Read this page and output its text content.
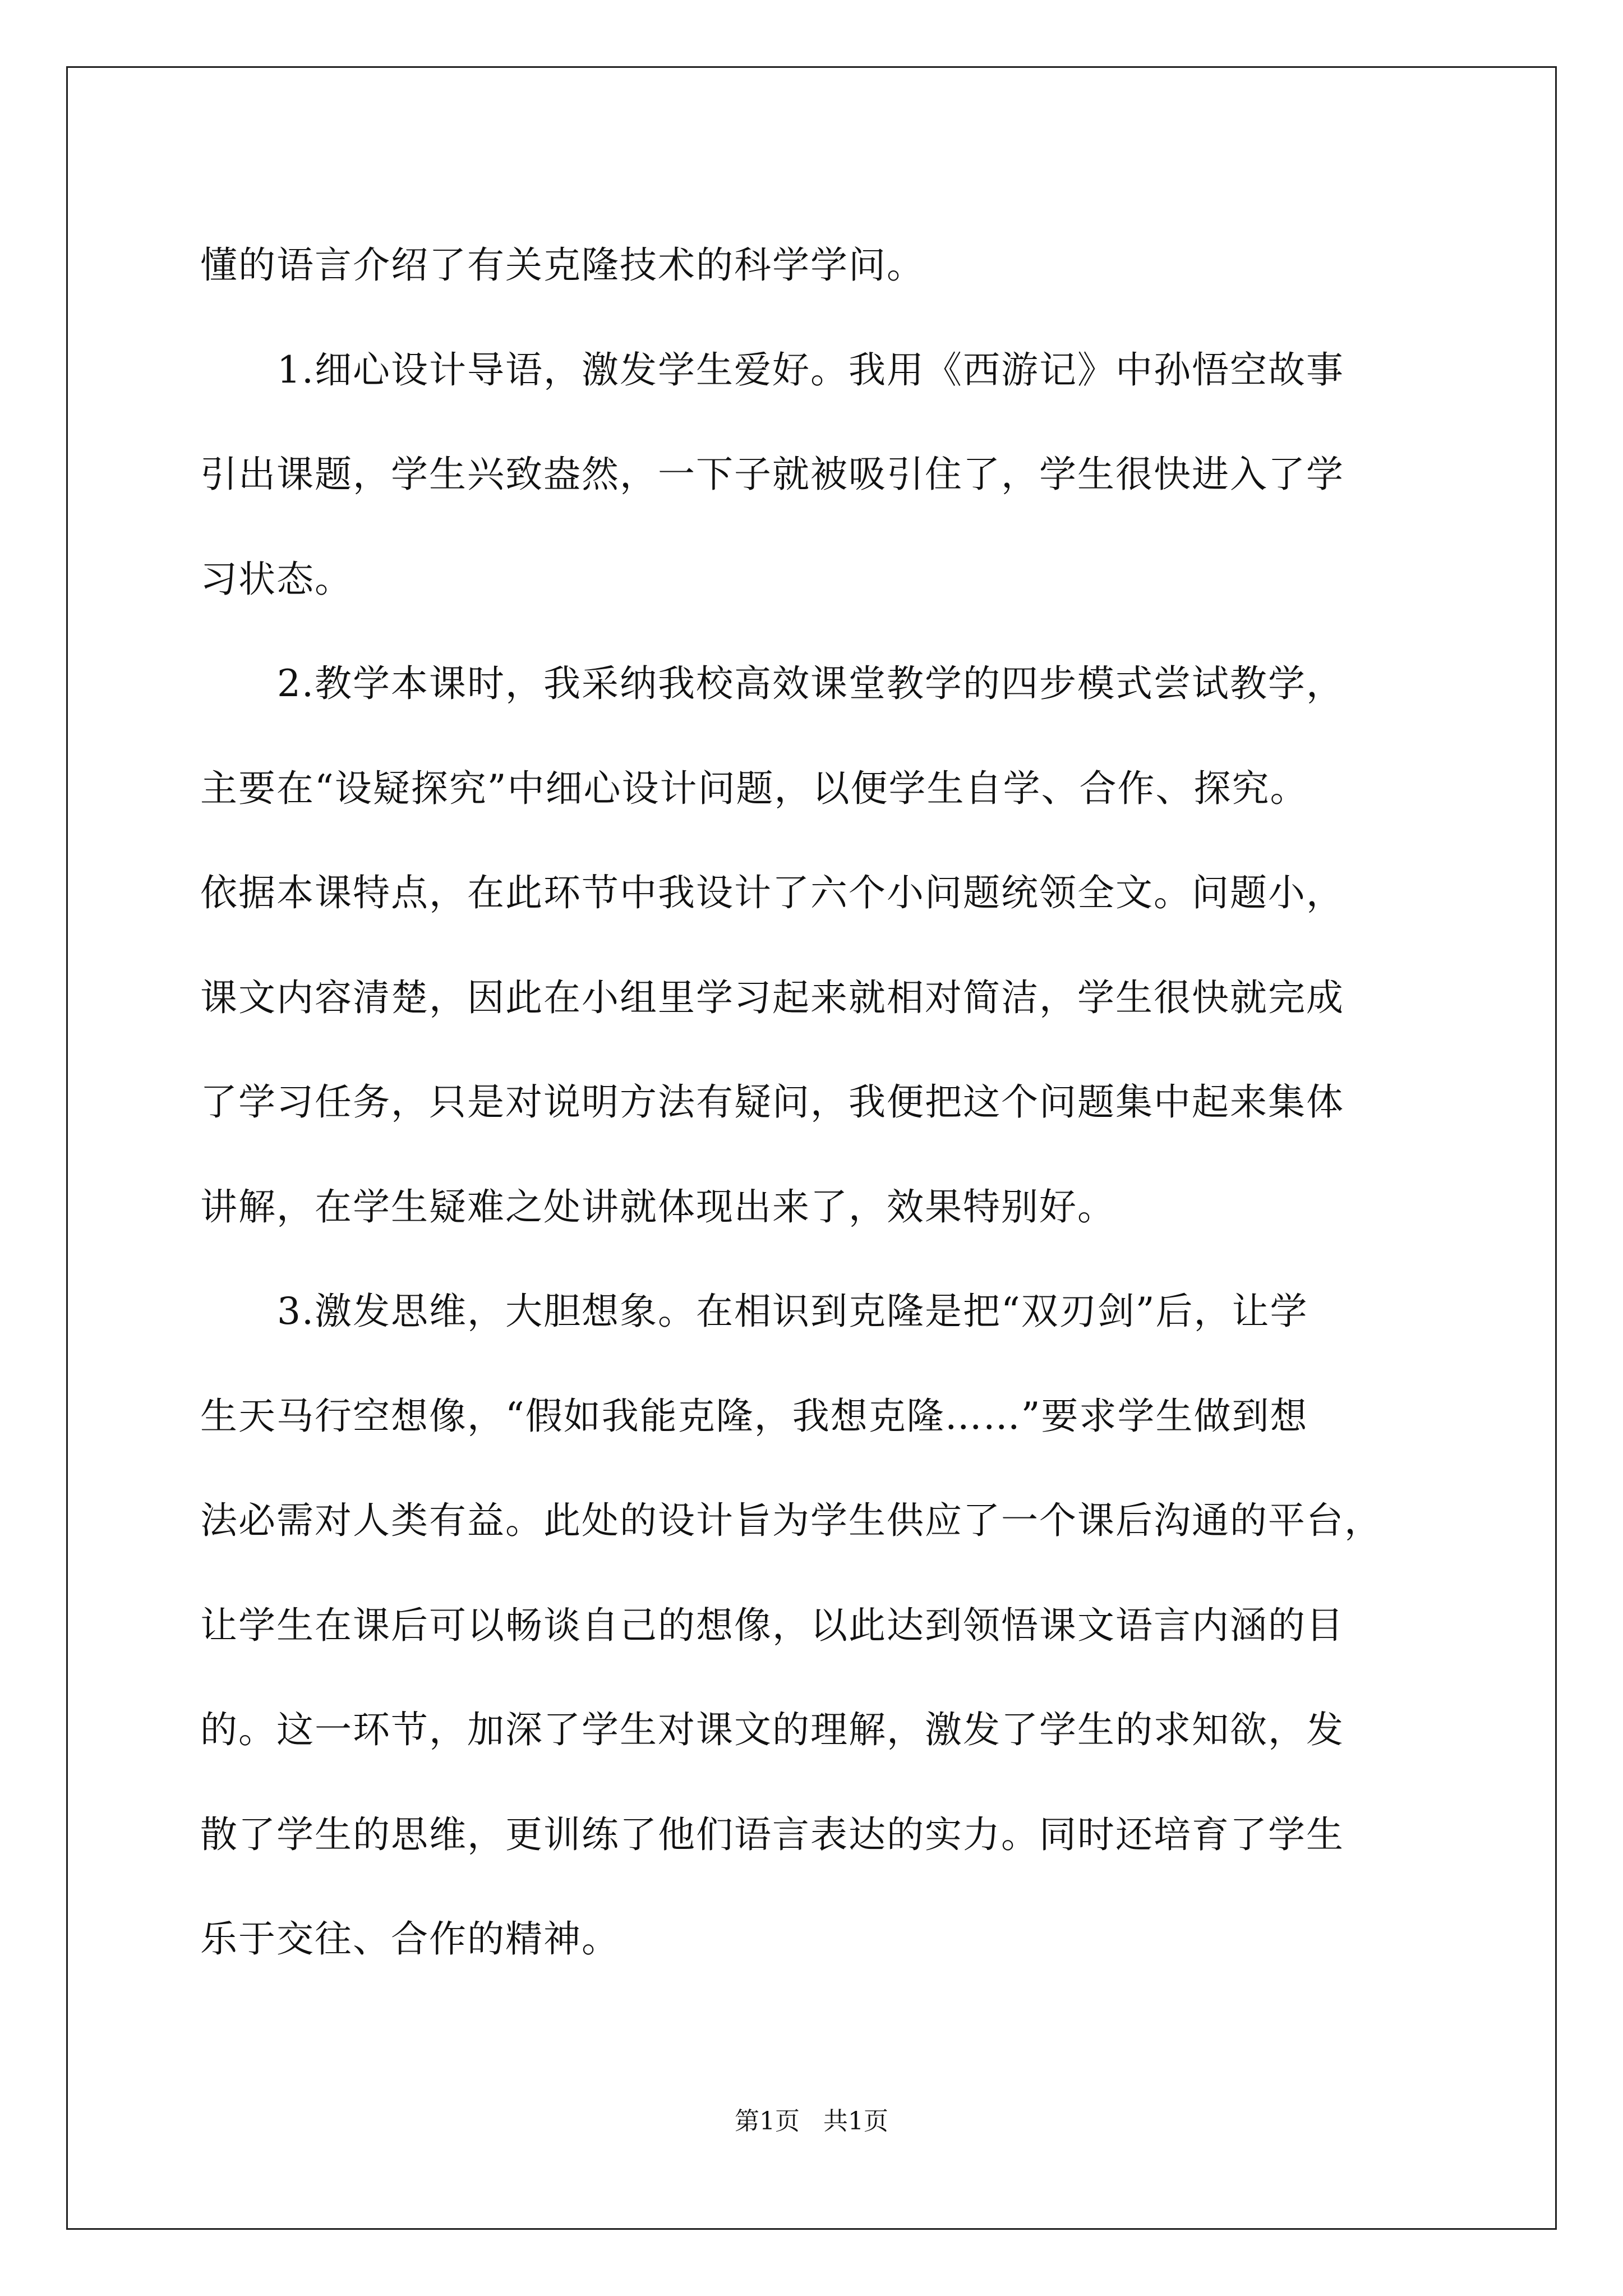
懂的语言介绍了有关克隆技术的科学学问。
1.细心设计导语，激发学生爱好。我用《西游记》中孙悟空故事
引出课题，学生兴致盎然，一下子就被吸引住了，学生很快进入了学
习状态。
2.教学本课时，我采纳我校高效课堂教学的四步模式尝试教学，
主要在“设疑探究”中细心设计问题，以便学生自学、合作、探究。
依据本课特点，在此环节中我设计了六个小问题统领全文。问题小，
课文内容清楚，因此在小组里学习起来就相对简洁，学生很快就完成
了学习任务，只是对说明方法有疑问，我便把这个问题集中起来集体
讲解，在学生疑难之处讲就体现出来了，效果特别好。
3.激发思维，大胆想象。在相识到克隆是把“双刃剑”后，让学
生天马行空想像，“假如我能克隆，我想克隆……”要求学生做到想
法必需对人类有益。此处的设计旨为学生供应了一个课后沟通的平台，
让学生在课后可以畅谈自己的想像，以此达到领悟课文语言内涵的目
的。这一环节，加深了学生对课文的理解，激发了学生的求知欲，发
散了学生的思维，更训练了他们语言表达的实力。同时还培育了学生
乐于交往、合作的精神。
第1页   共1页
